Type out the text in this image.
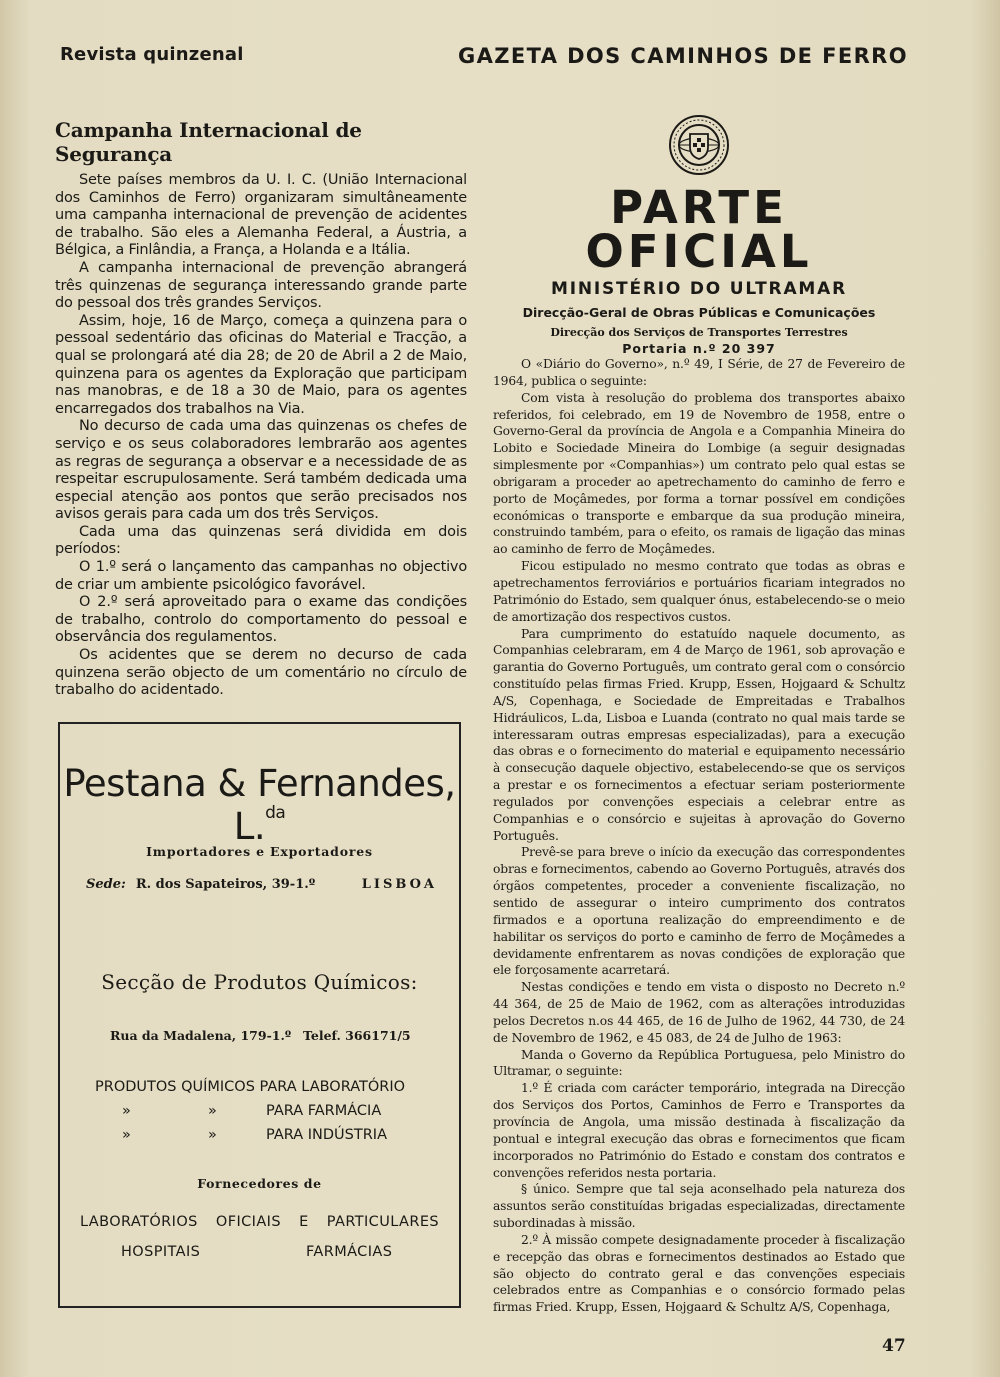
Revista quinzenal	GAZETA DOS CAMINHOS DE FERRO
Campanha Internacional de Segurança

Sete países membros da U. I. C. (União Internacional dos Caminhos de Ferro) organizaram simultâneamente uma campanha internacional de prevenção de acidentes de trabalho. São eles a Alemanha Federal, a Áustria, a Bélgica, a Finlândia, a França, a Holanda e a Itália.

A campanha internacional de prevenção abrangerá três quinzenas de segurança interessando grande parte do pessoal dos três grandes Serviços.

Assim, hoje, 16 de Março, começa a quinzena para o pessoal sedentário das oficinas do Material e Tracção, a qual se prolongará até dia 28; de 20 de Abril a 2 de Maio, quinzena para os agentes da Exploração que participam nas manobras, e de 18 a 30 de Maio, para os agentes encarregados dos trabalhos na Via.

No decurso de cada uma das quinzenas os chefes de serviço e os seus colaboradores lembrarão aos agentes as regras de segurança a observar e a necessidade de as respeitar escrupulosamente. Será também dedicada uma especial atenção aos pontos que serão precisados nos avisos gerais para cada um dos três Serviços.

Cada uma das quinzenas será dividida em dois períodos:

O 1.º será o lançamento das campanhas no objectivo de criar um ambiente psicológico favorável.

O 2.º será aproveitado para o exame das condições de trabalho, controlo do comportamento do pessoal e observância dos regulamentos.

Os acidentes que se derem no decurso de cada quinzena serão objecto de um comentário no círculo de trabalho do acidentado.

Pestana & Fernandes, L.$^{da}$
Importadores e Exportadores
Sede: R. dos Sapateiros, 39-1.º	LISBOA
Secção de Produtos Químicos:
Rua da Madalena, 179-1.º Telef. 366171/5
PRODUTOS QUÍMICOS PARA LABORATÓRIO
»	»	PARA FARMÁCIA
»	»	PARA INDÚSTRIA
Fornecedores de
LABORATÓRIOS OFICIAIS E PARTICULARES
HOSPITAIS	FARMÁCIAS
PARTE OFICIAL
MINISTÉRIO DO ULTRAMAR
Direcção-Geral de Obras Públicas e Comunicações
Direcção dos Serviços de Transportes Terrestres
Portaria n.º 20 397

O «Diário do Governo», n.º 49, I Série, de 27 de Fevereiro de 1964, publica o seguinte:

Com vista à resolução do problema dos transportes abaixo referidos, foi celebrado, em 19 de Novembro de 1958, entre o Governo-Geral da província de Angola e a Companhia Mineira do Lobito e Sociedade Mineira do Lombige (a seguir designadas simplesmente por «Companhias») um contrato pelo qual estas se obrigaram a proceder ao apetrechamento do caminho de ferro e porto de Moçâmedes, por forma a tornar possível em condições económicas o transporte e embarque da sua produção mineira, construindo também, para o efeito, os ramais de ligação das minas ao caminho de ferro de Moçâmedes.

Ficou estipulado no mesmo contrato que todas as obras e apetrechamentos ferroviários e portuários ficariam integrados no Património do Estado, sem qualquer ónus, estabelecendo-se o meio de amortização dos respectivos custos.

Para cumprimento do estatuído naquele documento, as Companhias celebraram, em 4 de Março de 1961, sob aprovação e garantia do Governo Português, um contrato geral com o consórcio constituído pelas firmas Fried. Krupp, Essen, Hojgaard & Schultz A/S, Copenhaga, e Sociedade de Empreitadas e Trabalhos Hidráulicos, L.da, Lisboa e Luanda (contrato no qual mais tarde se interessaram outras empresas especializadas), para a execução das obras e o fornecimento do material e equipamento necessário à consecução daquele objectivo, estabelecendo-se que os serviços a prestar e os fornecimentos a efectuar seriam posteriormente regulados por convenções especiais a celebrar entre as Companhias e o consórcio e sujeitas à aprovação do Governo Português.

Prevê-se para breve o início da execução das correspondentes obras e fornecimentos, cabendo ao Governo Português, através dos órgãos competentes, proceder a conveniente fiscalização, no sentido de assegurar o inteiro cumprimento dos contratos firmados e a oportuna realização do empreendimento e de habilitar os serviços do porto e caminho de ferro de Moçâmedes a devidamente enfrentarem as novas condições de exploração que ele forçosamente acarretará.

Nestas condições e tendo em vista o disposto no Decreto n.º 44 364, de 25 de Maio de 1962, com as alterações introduzidas pelos Decretos n.os 44 465, de 16 de Julho de 1962, 44 730, de 24 de Novembro de 1962, e 45 083, de 24 de Julho de 1963:

Manda o Governo da República Portuguesa, pelo Ministro do Ultramar, o seguinte:

1.º É criada com carácter temporário, integrada na Direcção dos Serviços dos Portos, Caminhos de Ferro e Transportes da província de Angola, uma missão destinada à fiscalização da pontual e integral execução das obras e fornecimentos que ficam incorporados no Património do Estado e constam dos contratos e convenções referidos nesta portaria.

§ único. Sempre que tal seja aconselhado pela natureza dos assuntos serão constituídas brigadas especializadas, directamente subordinadas à missão.

2.º À missão compete designadamente proceder à fiscalização e recepção das obras e fornecimentos destinados ao Estado que são objecto do contrato geral e das convenções especiais celebrados entre as Companhias e o consórcio formado pelas firmas Fried. Krupp, Essen, Hojgaard & Schultz A/S, Copenhaga,

47
